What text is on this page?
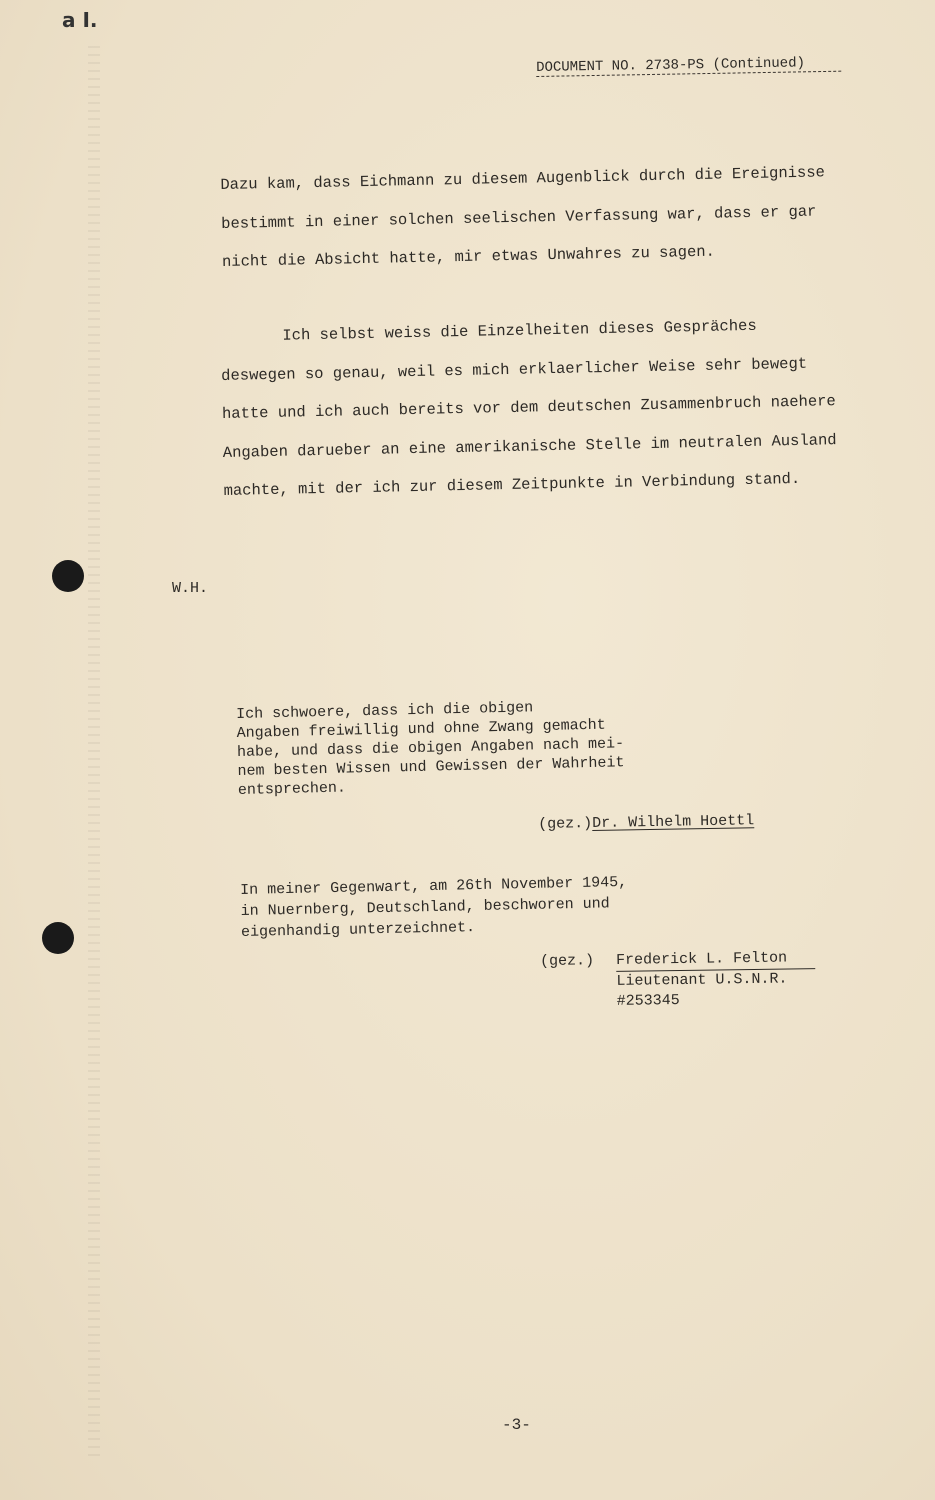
a I.
DOCUMENT NO. 2738-PS (Continued)

Dazu kam, dass Eichmann zu diesem Augenblick durch die Ereignisse bestimmt in einer solchen seelischen Verfassung war, dass er gar nicht die Absicht hatte, mir etwas Unwahres zu sagen.

Ich selbst weiss die Einzelheiten dieses Gespräches deswegen so genau, weil es mich erklaerlicher Weise sehr bewegt hatte und ich auch bereits vor dem deutschen Zusammenbruch naehere Angaben darueber an eine amerikanische Stelle im neutralen Ausland machte, mit der ich zur diesem Zeitpunkte in Verbindung stand.

W.H.

Ich schwoere, dass ich die obigen
Angaben freiwillig und ohne Zwang gemacht
habe, und dass die obigen Angaben nach mei-
nem besten Wissen und Gewissen der Wahrheit
entsprechen.

(gez.)Dr. Wilhelm Hoettl

In meiner Gegenwart, am 26th November 1945,
in Nuernberg, Deutschland, beschworen und
eigenhandig unterzeichnet.

(gez.)	Frederick L. Felton
Lieutenant U.S.N.R.
#253345
-3-
